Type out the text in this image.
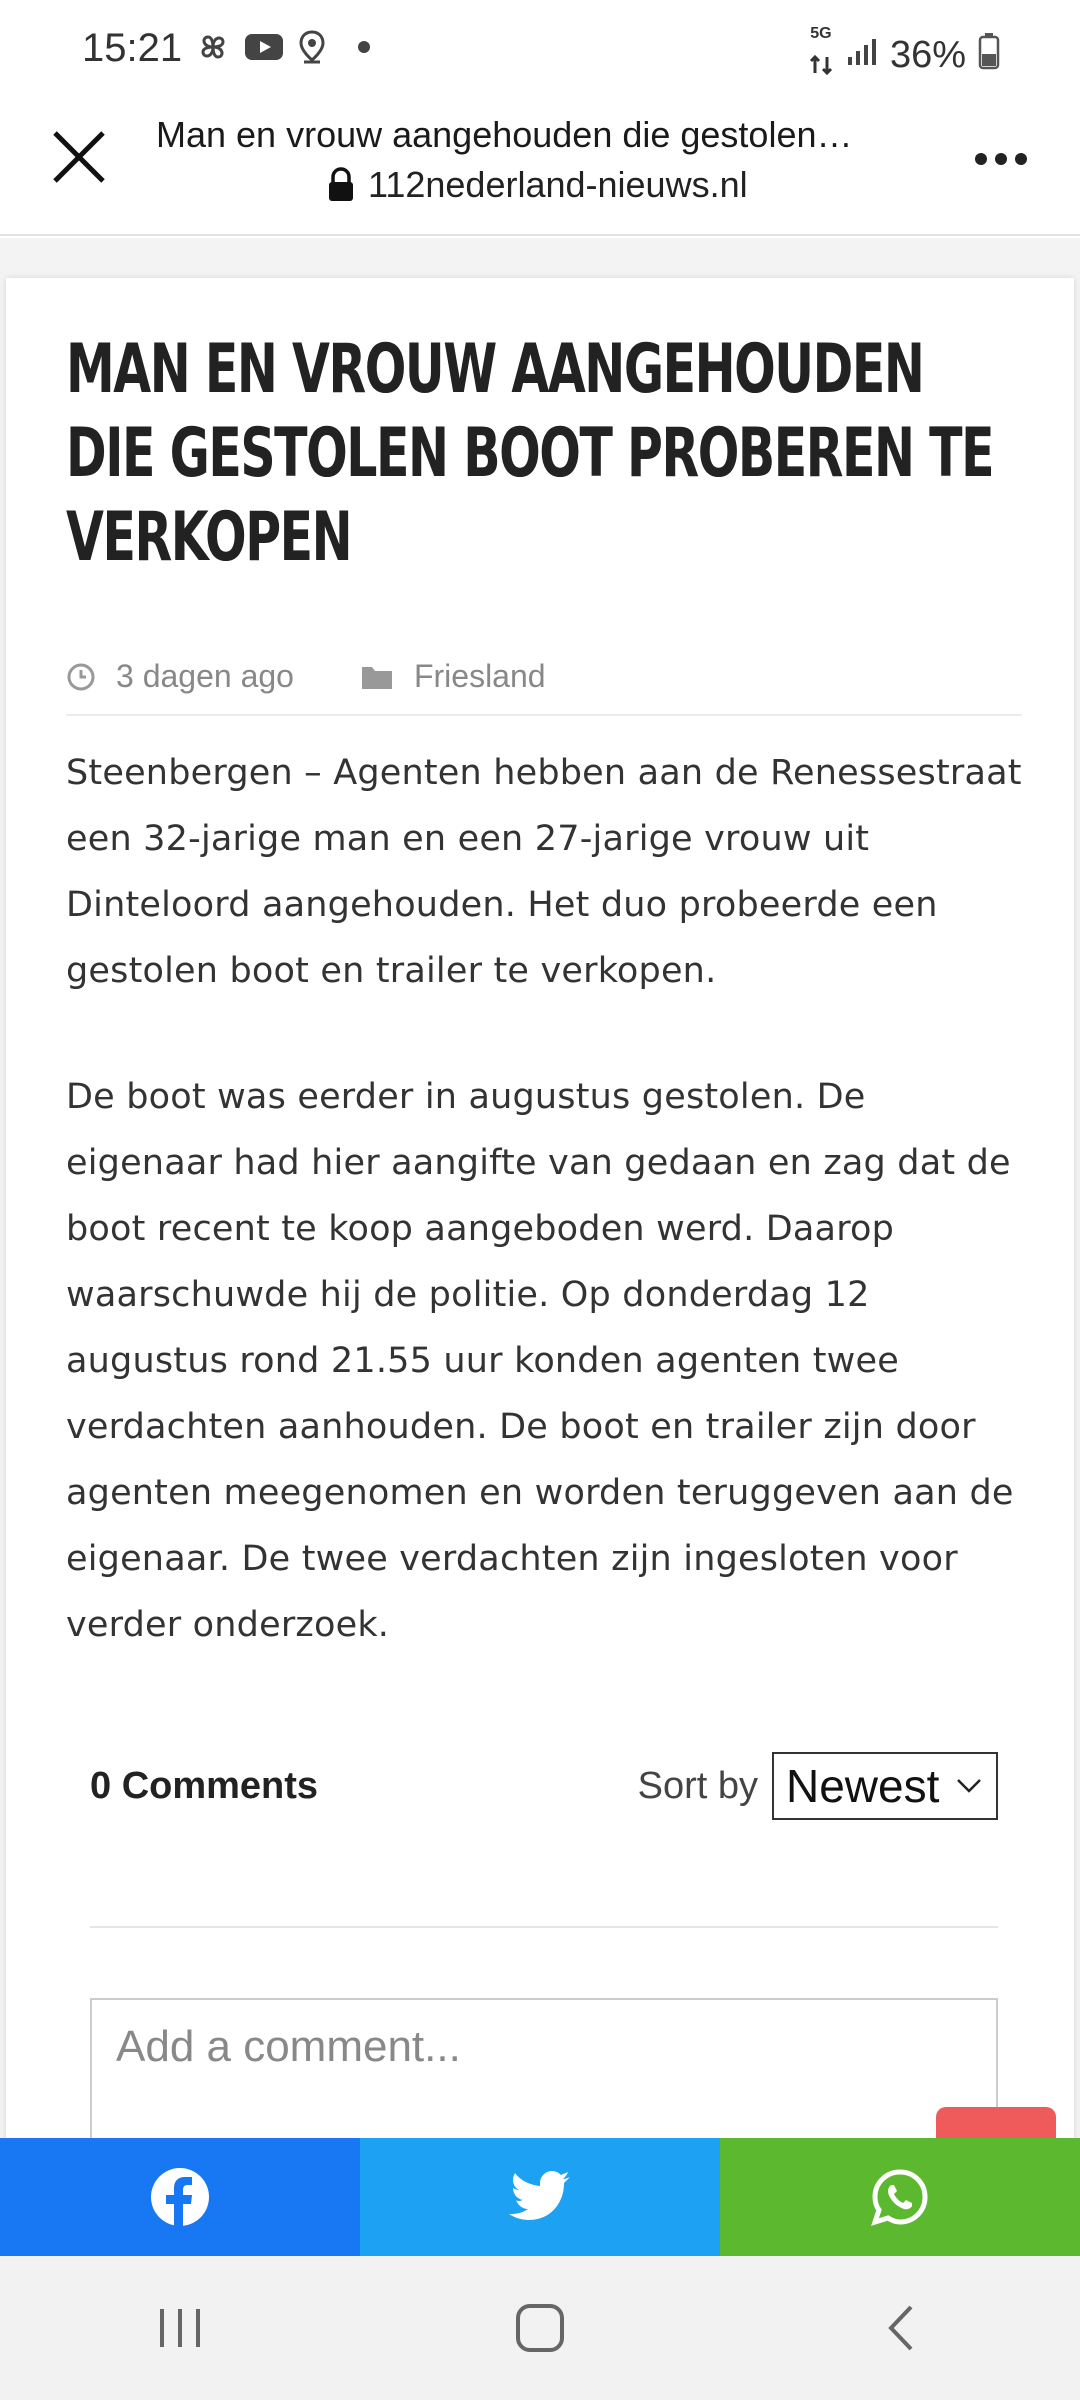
15:21	5G
36%
Man en vrouw aangehouden die gestolen…
112nederland-nieuws.nl
MAN EN VROUW AANGEHOUDEN DIE GESTOLEN BOOT PROBEREN TE VERKOPEN
3 dagen ago	Friesland

Steenbergen – Agenten hebben aan de Renessestraat een 32-jarige man en een 27-jarige vrouw uit Dinteloord aangehouden. Het duo probeerde een gestolen boot en trailer te verkopen.

De boot was eerder in augustus gestolen. De eigenaar had hier aangifte van gedaan en zag dat de boot recent te koop aangeboden werd. Daarop waarschuwde hij de politie. Op donderdag 12 augustus rond 21.55 uur konden agenten twee verdachten aanhouden. De boot en trailer zijn door agenten meegenomen en worden teruggeven aan de eigenaar. De twee verdachten zijn ingesloten voor verder onderzoek.

0 Comments	Sort by Newest
Add a comment...
